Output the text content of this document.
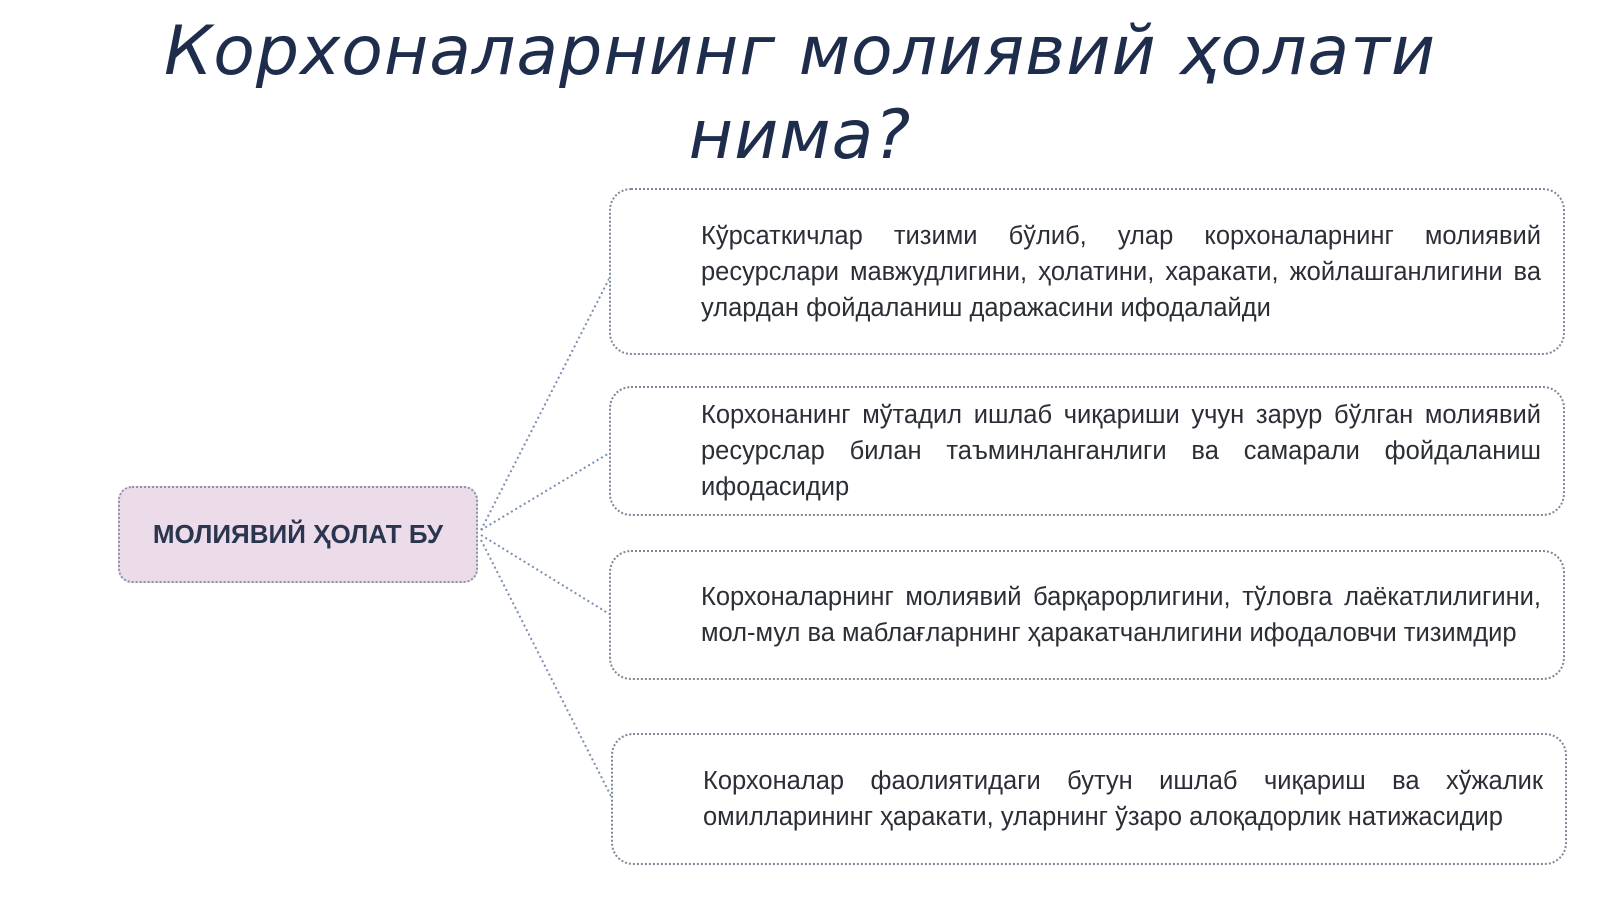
Корхоналарнинг молиявий ҳолати
нима?
МОЛИЯВИЙ ҲОЛАТ БУ

Кўрсаткичлар тизими бўлиб, улар корхоналарнинг молиявий ресурслари мавжудлигини, ҳолатини, харакати, жойлашганлигини ва улардан фойдаланиш даражасини ифодалайди

Корхонанинг мўтадил ишлаб чиқариши учун зарур бўлган молиявий ресурслар билан таъминланганлиги ва самарали фойдаланиш ифодасидир

Корхоналарнинг молиявий барқарорлигини, тўловга лаёкатлилигини, мол-мул ва маблағларнинг ҳаракатчанлигини ифодаловчи тизимдир

Корхоналар фаолиятидаги бутун ишлаб чиқариш ва хўжалик омилларининг ҳаракати, уларнинг ўзаро алоқадорлик натижасидир
